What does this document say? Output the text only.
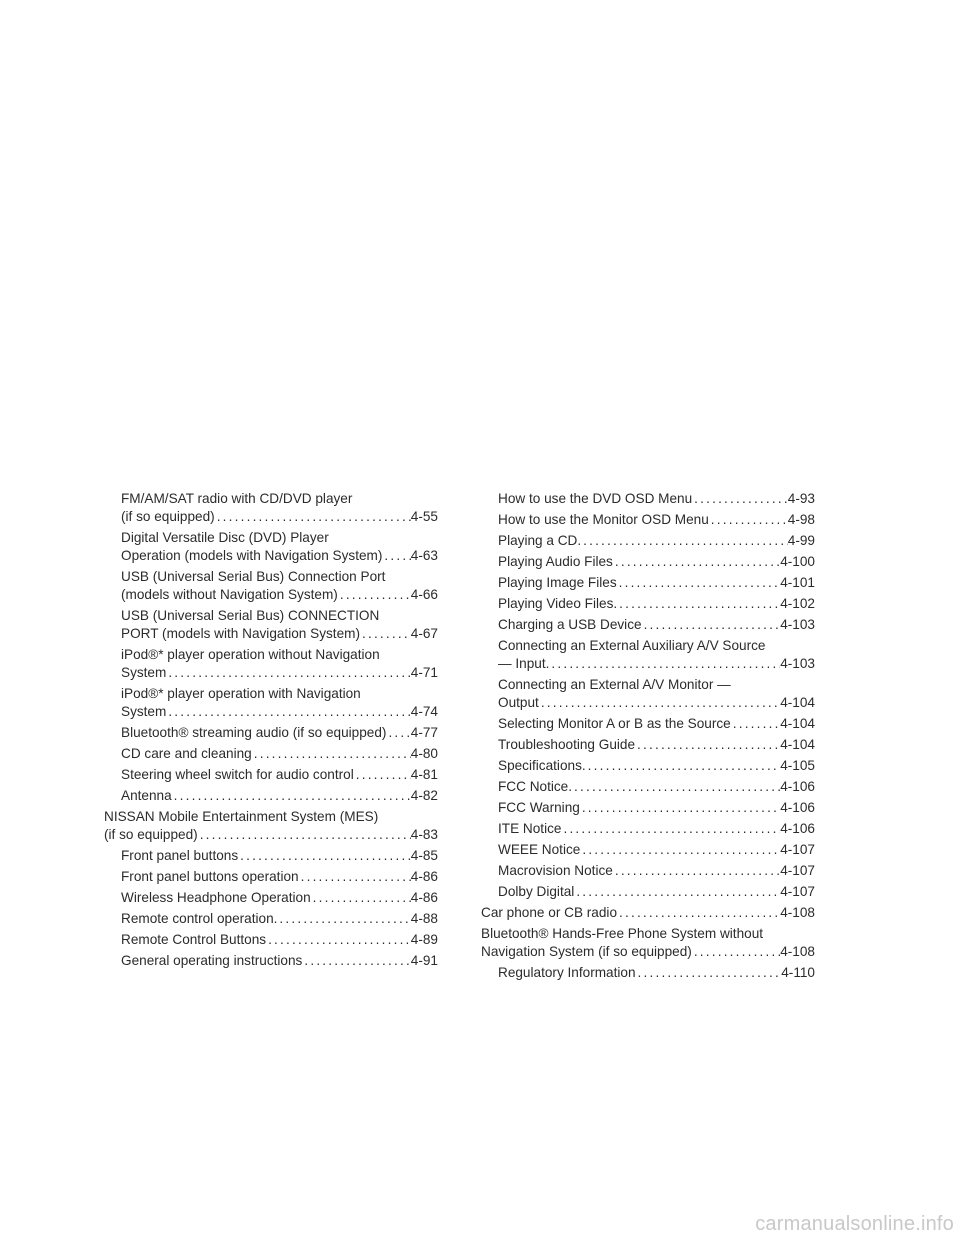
FM/AM/SAT radio with CD/DVD player
(if so equipped) .....	4-55
Digital Versatile Disc (DVD) Player
Operation (models with Navigation System) ..... 4-63
USB (Universal Serial Bus) Connection Port
(models without Navigation System) .....	4-66
USB (Universal Serial Bus) CONNECTION
PORT (models with Navigation System) .....	4-67
iPod®* player operation without Navigation
System .....	4-71
iPod®* player operation with Navigation
System .....	4-74
Bluetooth® streaming audio (if so equipped) ..... 4-77
CD care and cleaning .....	4-80
Steering wheel switch for audio control .....	4-81
Antenna .....	4-82
NISSAN Mobile Entertainment System (MES)
(if so equipped) .....	4-83
Front panel buttons .....	4-85
Front panel buttons operation .....	4-86
Wireless Headphone Operation .....	4-86
Remote control operation. .....	4-88
Remote Control Buttons .....	4-89
General operating instructions .....	4-91
How to use the DVD OSD Menu .....	4-93
How to use the Monitor OSD Menu .....	4-98
Playing a CD. .....	4-99
Playing Audio Files .....	4-100
Playing Image Files .....	4-101
Playing Video Files. .....	4-102
Charging a USB Device .....	4-103
Connecting an External Auxiliary A/V Source
— Input. .....	4-103
Connecting an External A/V Monitor —
Output .....	4-104
Selecting Monitor A or B as the Source .....	4-104
Troubleshooting Guide .....	4-104
Specifications. .....	4-105
FCC Notice. .....	4-106
FCC Warning .....	4-106
ITE Notice .....	4-106
WEEE Notice .....	4-107
Macrovision Notice .....	4-107
Dolby Digital .....	4-107
Car phone or CB radio .....	4-108
Bluetooth® Hands-Free Phone System without
Navigation System (if so equipped) .....	4-108
Regulatory Information .....	4-110
carmanualsonline.info
